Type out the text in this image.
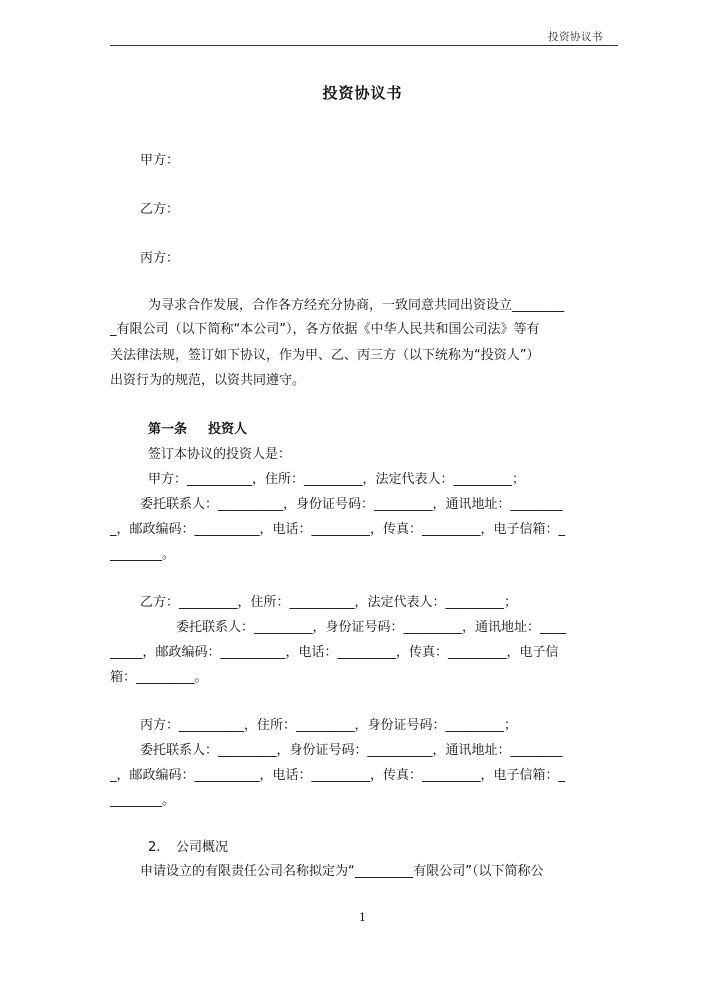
投资协议书
投资协议书
甲方：
乙方：
丙方：
为寻求合作发展，合作各方经充分协商，一致同意共同出资设立________
_有限公司（以下简称“本公司”），各方依据《中华人民共和国公司法》等有
关法律法规，签订如下协议，作为甲、乙、丙三方（以下统称为“投资人”）
出资行为的规范，以资共同遵守。
第一条 投资人
签订本协议的投资人是：
甲方：__________，住所：_________，法定代表人：_________；
委托联系人：__________，身份证号码：_________，通讯地址：________
_，邮政编码：__________，电话：_________，传真：_________，电子信箱：_
________。
乙方：_________，住所：__________，法定代表人：_________；
委托联系人：_________，身份证号码：_________，通讯地址：____
_____，邮政编码：__________，电话：_________，传真：_________，电子信
箱：_________。
丙方：__________，住所：_________，身份证号码：_________；
委托联系人：_________，身份证号码：__________，通讯地址：________
_，邮政编码：__________，电话：_________，传真：_________，电子信箱：_
________。
2. 公司概况
申请设立的有限责任公司名称拟定为“_________有限公司”（以下简称公
1
